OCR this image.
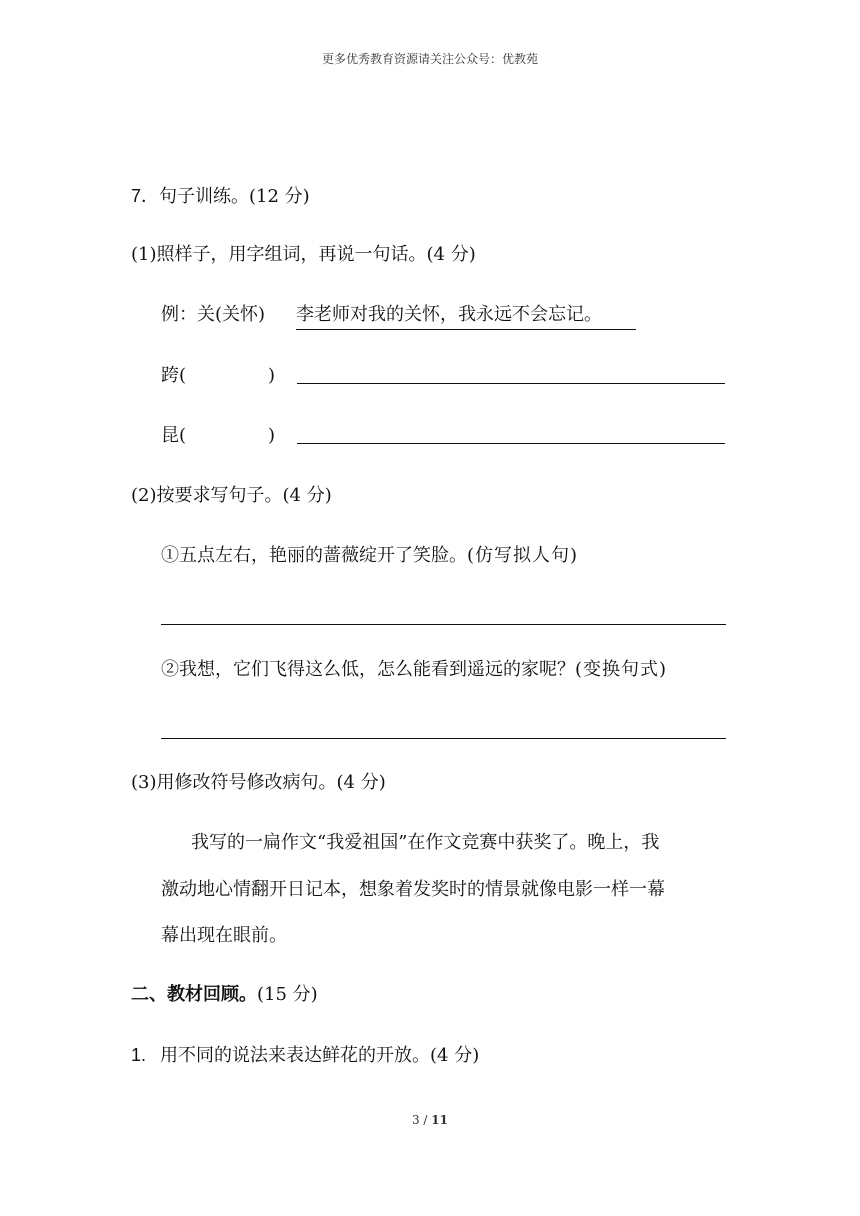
更多优秀教育资源请关注公众号：优教苑
7．句子训练。(12 分)
(1)照样子，用字组词，再说一句话。(4 分)
例：关(关怀) 李老师对我的关怀，我永远不会忘记。
跨(	)
昆(	)
(2)按要求写句子。(4 分)
①五点左右，艳丽的蔷薇绽开了笑脸。(仿写拟人句)
②我想，它们飞得这么低，怎么能看到遥远的家呢？(变换句式)
(3)用修改符号修改病句。(4 分)
我写的一扁作文“我爱祖国”在作文竞赛中获奖了。晚上，我
激动地心情翻开日记本，想象着发奖时的情景就像电影一样一幕
幕出现在眼前。
二、教材回顾。(15 分)
1. 用不同的说法来表达鲜花的开放。(4 分)
3 / 11
